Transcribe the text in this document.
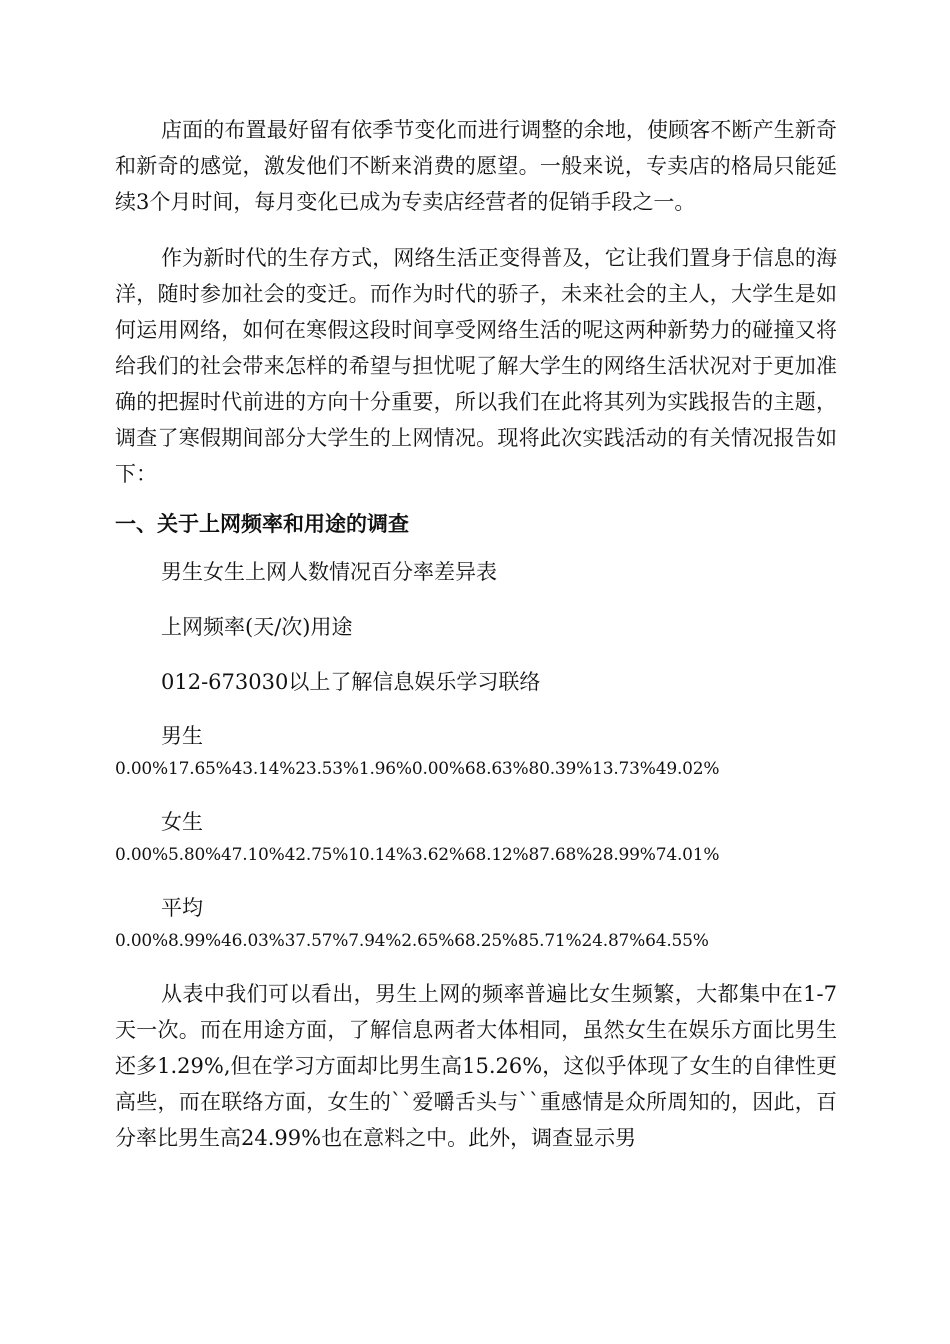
店面的布置最好留有依季节变化而进行调整的余地，使顾客不断产生新奇和新奇的感觉，激发他们不断来消费的愿望。一般来说，专卖店的格局只能延续3个月时间，每月变化已成为专卖店经营者的促销手段之一。

作为新时代的生存方式，网络生活正变得普及，它让我们置身于信息的海洋，随时参加社会的变迁。而作为时代的骄子，未来社会的主人，大学生是如何运用网络，如何在寒假这段时间享受网络生活的呢这两种新势力的碰撞又将给我们的社会带来怎样的希望与担忧呢了解大学生的网络生活状况对于更加准确的把握时代前进的方向十分重要，所以我们在此将其列为实践报告的主题，调查了寒假期间部分大学生的上网情况。现将此次实践活动的有关情况报告如下：

一、关于上网频率和用途的调查

男生女生上网人数情况百分率差异表

上网频率(天/次)用途

012-673030以上了解信息娱乐学习联络

男生

0.00%17.65%43.14%23.53%1.96%0.00%68.63%80.39%13.73%49.02%

女生

0.00%5.80%47.10%42.75%10.14%3.62%68.12%87.68%28.99%74.01%

平均

0.00%8.99%46.03%37.57%7.94%2.65%68.25%85.71%24.87%64.55%

从表中我们可以看出，男生上网的频率普遍比女生频繁，大都集中在1-7天一次。而在用途方面，了解信息两者大体相同，虽然女生在娱乐方面比男生还多1.29%,但在学习方面却比男生高15.26%，这似乎体现了女生的自律性更高些，而在联络方面，女生的``爱嚼舌头与``重感情是众所周知的，因此，百分率比男生高24.99%也在意料之中。此外，调查显示男
